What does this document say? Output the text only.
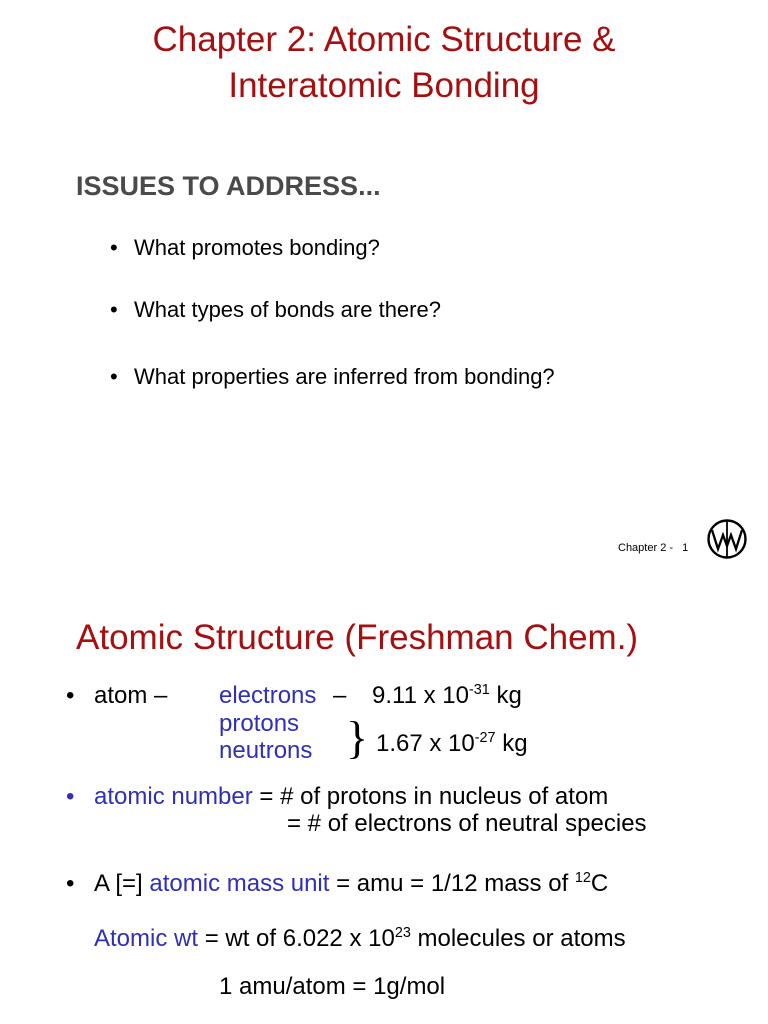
Chapter 2: Atomic Structure &
Interatomic Bonding
ISSUES TO ADDRESS...
• What promotes bonding?
• What types of bonds are there?
• What properties are inferred from bonding?
Chapter 2 - 1
Atomic Structure (Freshman Chem.)
• atom – electrons – 9.11 x $10^{-31}$ kg
protons
neutrons } 1.67 x $10^{-27}$ kg
• atomic number = # of protons in nucleus of atom
= # of electrons of neutral species
• A [=] atomic mass unit = amu = 1/12 mass of $^{12}$C
Atomic wt = wt of 6.022 x $10^{23}$ molecules or atoms
1 amu/atom = 1g/mol
